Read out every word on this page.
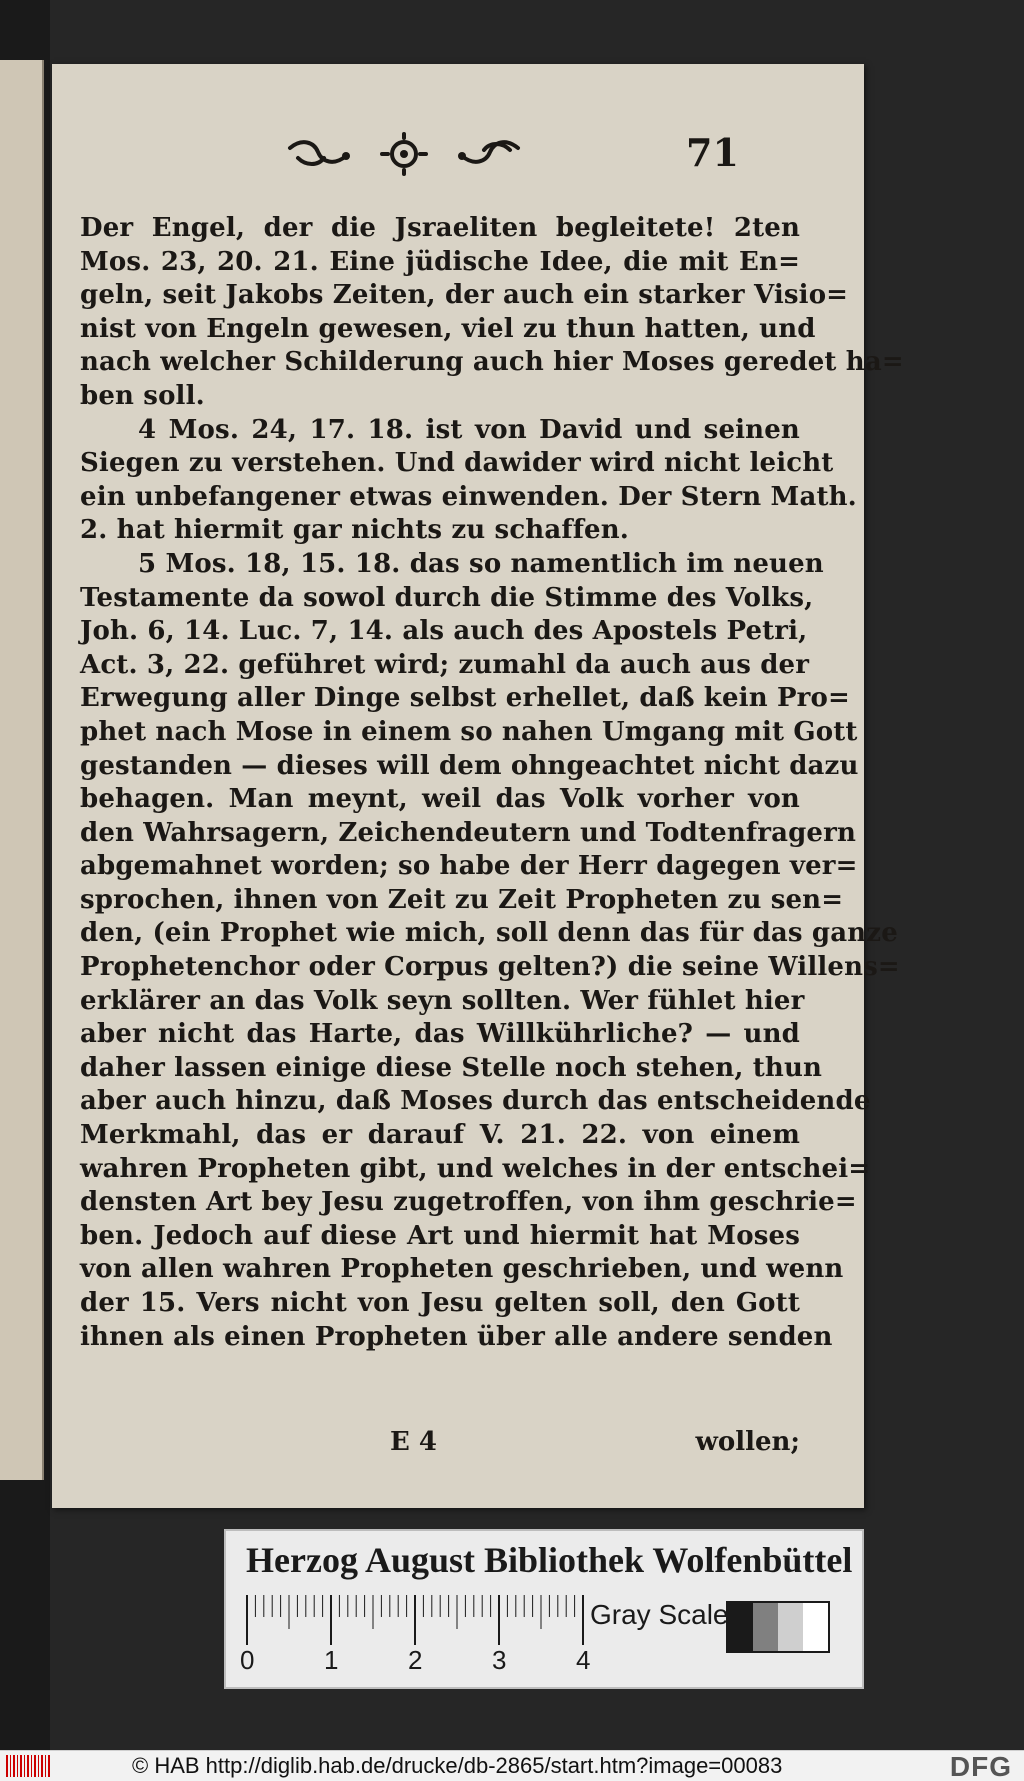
71
Der Engel, der die Jsraeliten begleitete! 2ten
Mos. 23, 20. 21. Eine jüdische Idee, die mit En=
geln, seit Jakobs Zeiten, der auch ein starker Visio=
nist von Engeln gewesen, viel zu thun hatten, und
nach welcher Schilderung auch hier Moses geredet ha=
ben soll.
4 Mos. 24, 17. 18. ist von David und seinen
Siegen zu verstehen. Und dawider wird nicht leicht
ein unbefangener etwas einwenden. Der Stern Math.
2. hat hiermit gar nichts zu schaffen.
5 Mos. 18, 15. 18. das so namentlich im neuen
Testamente da sowol durch die Stimme des Volks,
Joh. 6, 14. Luc. 7, 14. als auch des Apostels Petri,
Act. 3, 22. geführet wird; zumahl da auch aus der
Erwegung aller Dinge selbst erhellet, daß kein Pro=
phet nach Mose in einem so nahen Umgang mit Gott
gestanden — dieses will dem ohngeachtet nicht dazu
behagen. Man meynt, weil das Volk vorher von
den Wahrsagern, Zeichendeutern und Todtenfragern
abgemahnet worden; so habe der Herr dagegen ver=
sprochen, ihnen von Zeit zu Zeit Propheten zu sen=
den, (ein Prophet wie mich, soll denn das für das ganze
Prophetenchor oder Corpus gelten?) die seine Willens=
erklärer an das Volk seyn sollten. Wer fühlet hier
aber nicht das Harte, das Willkührliche? — und
daher lassen einige diese Stelle noch stehen, thun
aber auch hinzu, daß Moses durch das entscheidende
Merkmahl, das er darauf V. 21. 22. von einem
wahren Propheten gibt, und welches in der entschei=
densten Art bey Jesu zugetroffen, von ihm geschrie=
ben. Jedoch auf diese Art und hiermit hat Moses
von allen wahren Propheten geschrieben, und wenn
der 15. Vers nicht von Jesu gelten soll, den Gott
ihnen als einen Propheten über alle andere senden
E 4	wollen;
Herzog August Bibliothek Wolfenbüttel
0	1	2	3	4
Gray Scale
© HAB http://diglib.hab.de/drucke/db-2865/start.htm?image=00083	DFG
